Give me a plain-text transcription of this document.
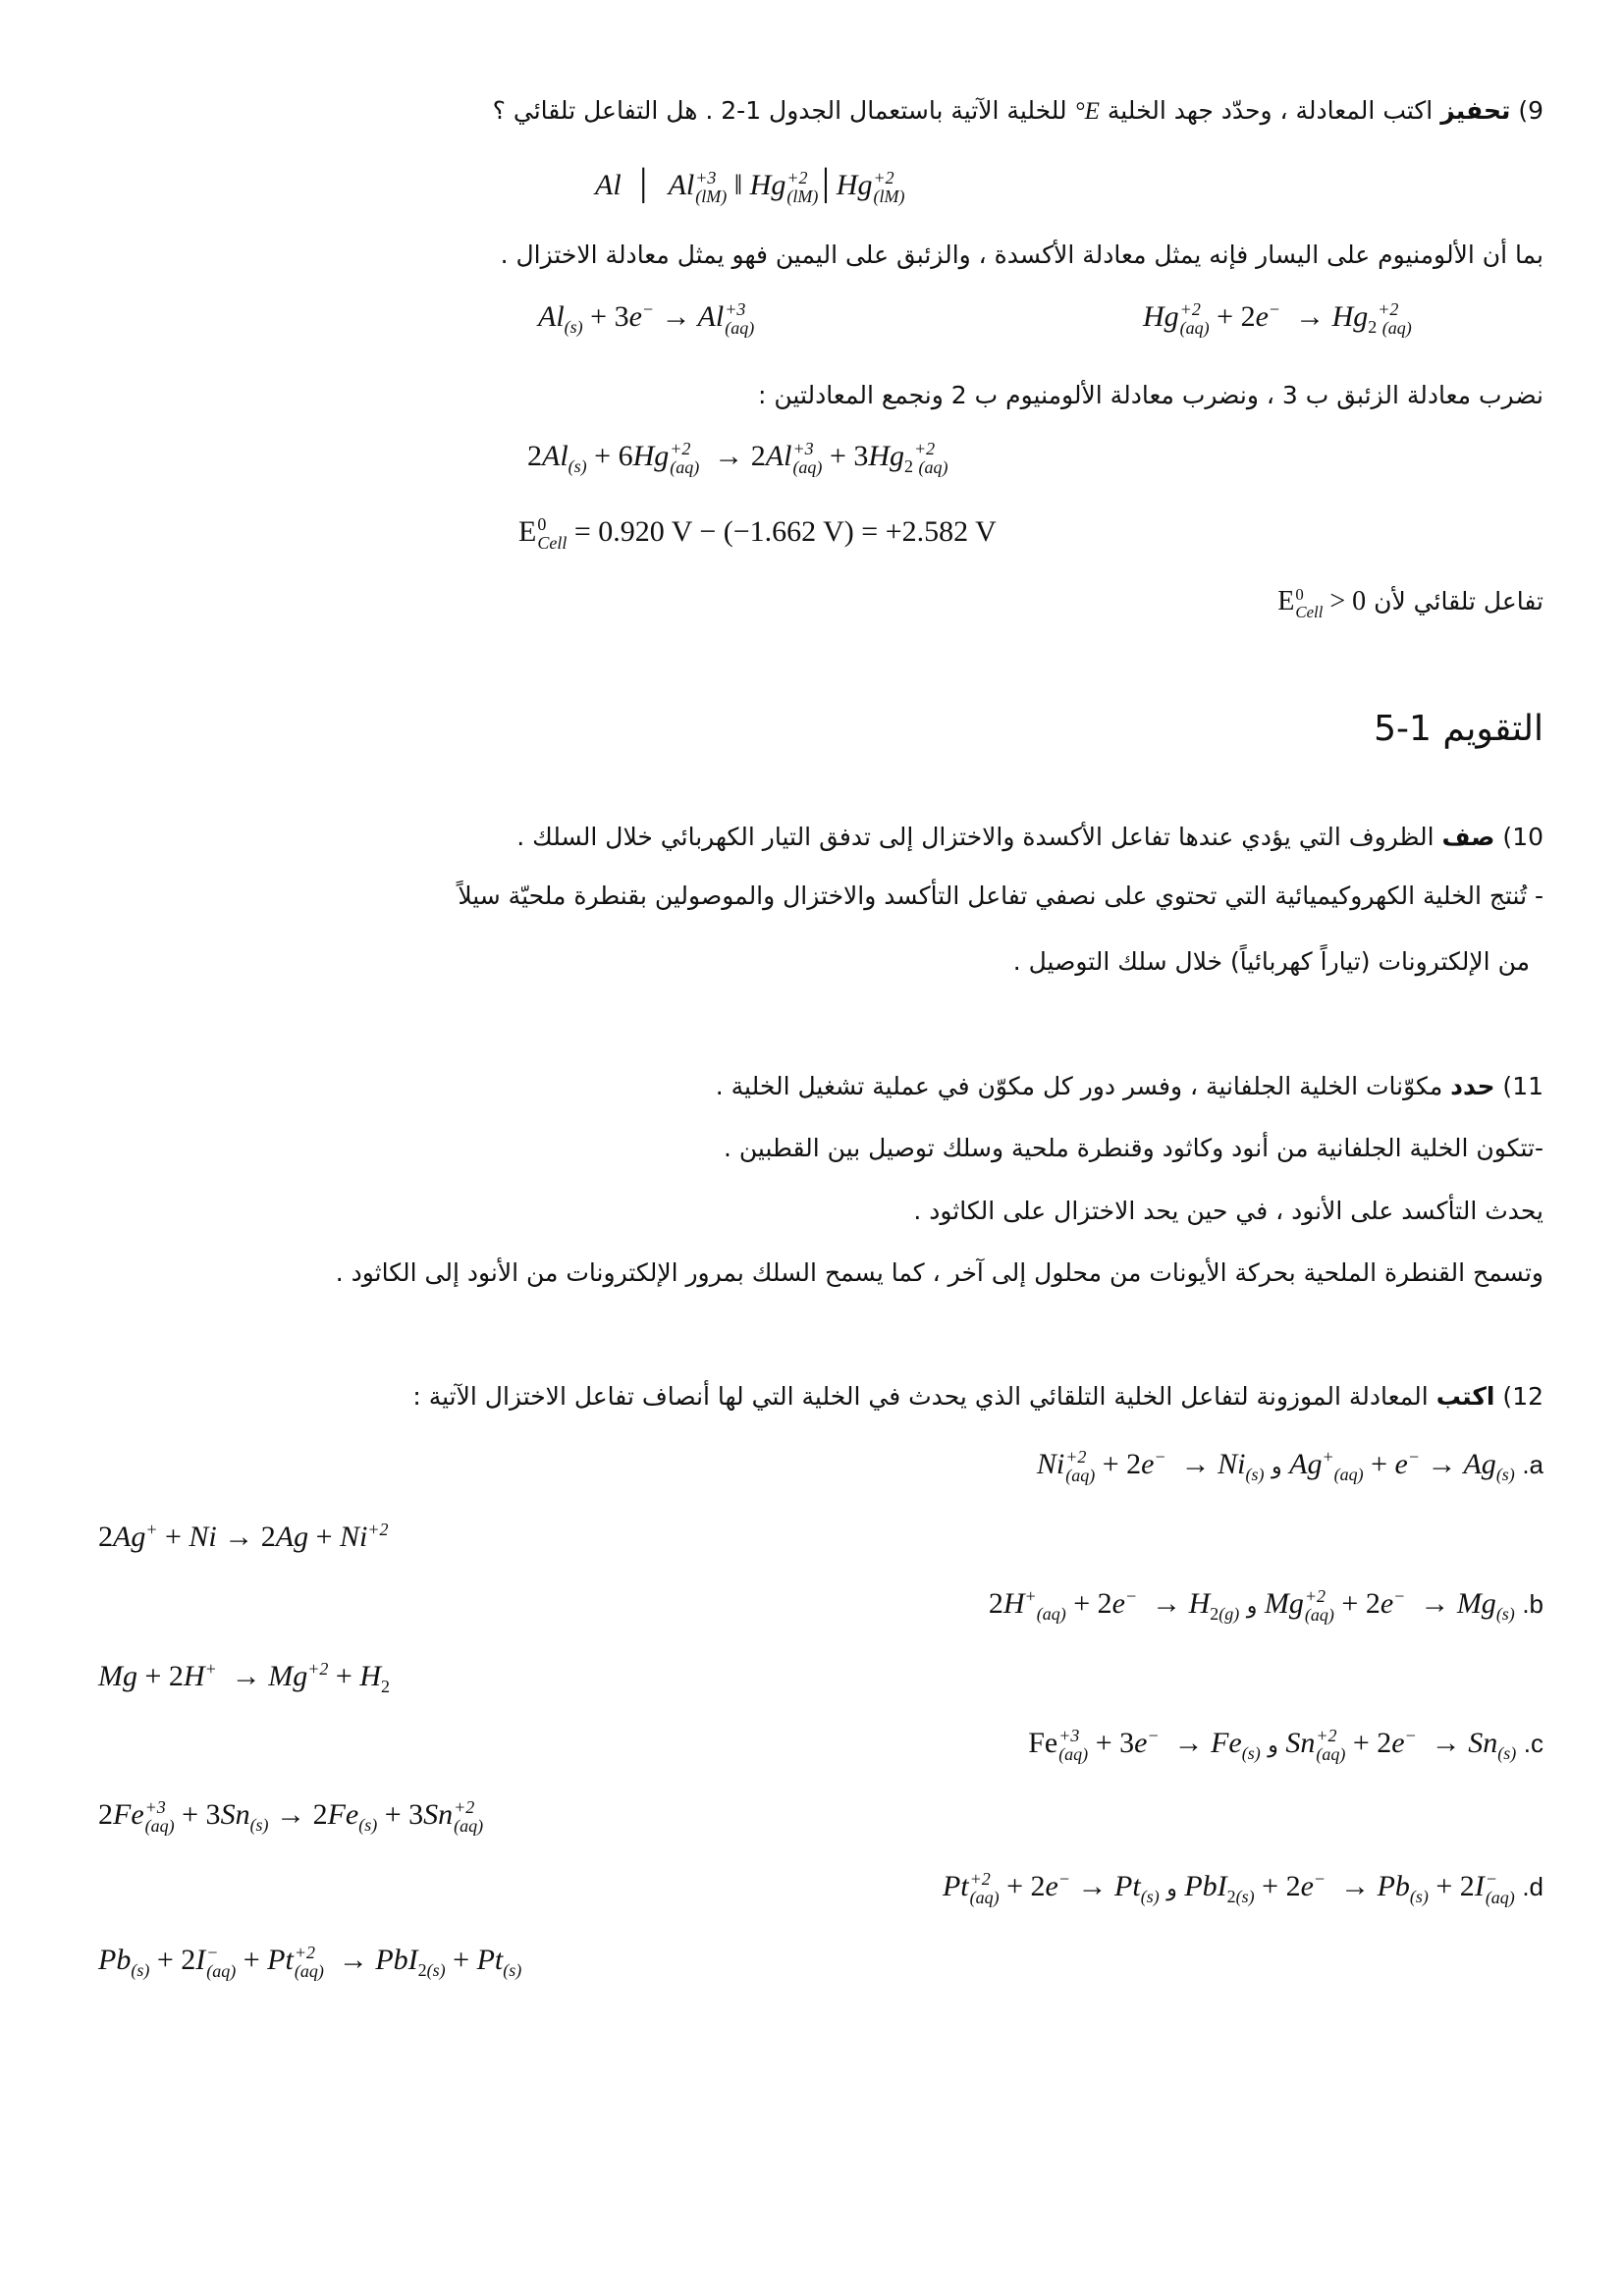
9) تحفيز اكتب المعادلة ، وحدّد جهد الخلية E° للخلية الآتية باستعمال الجدول 1-2 . هل التفاعل تلقائي ؟
Al  │  Al +3
(lM) ‖ Hg +2
(lM) │Hg +2
(lM)
بما أن الألومنيوم على اليسار فإنه يمثل معادلة الأكسدة ، والزئبق على اليمين فهو يمثل معادلة الاختزال .
$Al_{(s)} + 3e^- \to Al +3$
(aq)	Hg +2
$(aq) + 2e^- \to Hg_2$
+2
(aq)
نضرب معادلة الزئبق ب 3 ، ونضرب معادلة الألومنيوم ب 2 ونجمع المعادلتين :
$2Al_{(s)} + 6Hg +2$
(aq) → 2Al +3
$(aq) + 3Hg_2$
+2
(aq)
E 0
Cell = 0.920 V − (−1.662 V) = +2.582 V
تفاعل تلقائي لأن E 0
Cell > 0
التقويم 1-5
10) صف الظروف التي يؤدي عندها تفاعل الأكسدة والاختزال إلى تدفق التيار الكهربائي خلال السلك .
- تُنتج الخلية الكهروكيميائية التي تحتوي على نصفي تفاعل التأكسد والاختزال والموصولين بقنطرة ملحيّة سيلاً
من الإلكترونات (تياراً كهربائياً) خلال سلك التوصيل .
11) حدد مكوّنات الخلية الجلفانية ، وفسر دور كل مكوّن في عملية تشغيل الخلية .
-تتكون الخلية الجلفانية من أنود وكاثود وقنطرة ملحية وسلك توصيل بين القطبين .
يحدث التأكسد على الأنود ، في حين يحد الاختزال على الكاثود .
وتسمح القنطرة الملحية بحركة الأيونات من محلول إلى آخر ، كما يسمح السلك بمرور الإلكترونات من الأنود إلى الكاثود .
12) اكتب المعادلة الموزونة لتفاعل الخلية التلقائي الذي يحدث في الخلية التي لها أنصاف تفاعل الاختزال الآتية :
Ni +2
$(aq) + 2e^- \to Ni_{(s)}$ و $Ag^+_{(aq)} + e^- \to Ag_{(s)}$ .a
$2Ag^+ + Ni \to 2Ag + Ni^{+2}$
$2H^+_{(aq)} + 2e^- \to H_{2(g)}$ و Mg +2
$(aq) + 2e^- \to Mg_{(s)}$ .b
$Mg + 2H^+ \to Mg^{+2} + H_2$
Fe +3
$(aq) + 3e^- \to Fe_{(s)}$ و Sn +2
$(aq) + 2e^- \to Sn_{(s)}$ .c
2Fe +3
$(aq) + 3Sn_{(s)} \to 2Fe_{(s)} + 3Sn +2$
(aq)
Pt +2
$(aq) + 2e^- \to Pt_{(s)}$ و $PbI_{2(s)} + 2e^- \to Pb_{(s)} + 2I$ −
(aq) .d
$Pb_{(s)} + 2I$ −
(aq) + Pt +2
$(aq) \to PbI_{2(s)} + Pt_{(s)}$
